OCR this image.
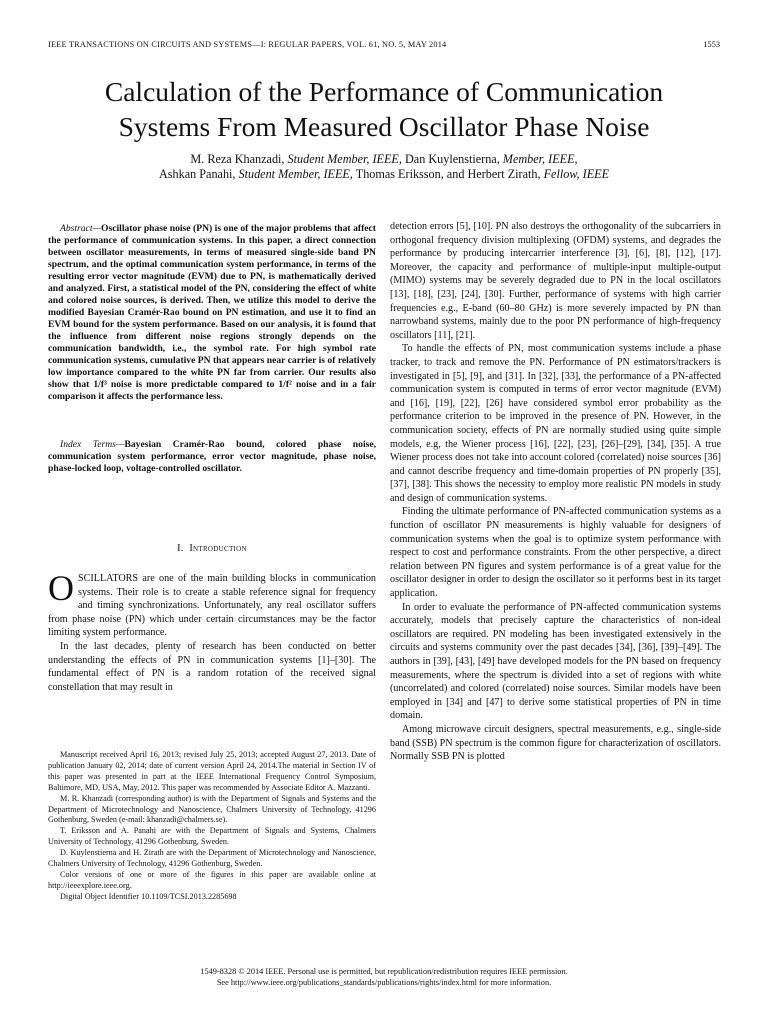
IEEE TRANSACTIONS ON CIRCUITS AND SYSTEMS—I: REGULAR PAPERS, VOL. 61, NO. 5, MAY 2014	1553
Calculation of the Performance of Communication
Systems From Measured Oscillator Phase Noise
M. Reza Khanzadi, Student Member, IEEE, Dan Kuylenstierna, Member, IEEE,
Ashkan Panahi, Student Member, IEEE, Thomas Eriksson, and Herbert Zirath, Fellow, IEEE

Abstract—Oscillator phase noise (PN) is one of the major problems that affect the performance of communication systems. In this paper, a direct connection between oscillator measurements, in terms of measured single-side band PN spectrum, and the optimal communication system performance, in terms of the resulting error vector magnitude (EVM) due to PN, is mathematically derived and analyzed. First, a statistical model of the PN, considering the effect of white and colored noise sources, is derived. Then, we utilize this model to derive the modified Bayesian Cramér-Rao bound on PN estimation, and use it to find an EVM bound for the system performance. Based on our analysis, it is found that the influence from different noise regions strongly depends on the communication bandwidth, i.e., the symbol rate. For high symbol rate communication systems, cumulative PN that appears near carrier is of relatively low importance compared to the white PN far from carrier. Our results also show that 1/f³ noise is more predictable compared to 1/f² noise and in a fair comparison it affects the performance less.

Index Terms—Bayesian Cramér-Rao bound, colored phase noise, communication system performance, error vector magnitude, phase noise, phase-locked loop, voltage-controlled oscillator.

I. Introduction

OSCILLATORS are one of the main building blocks in communication systems. Their role is to create a stable reference signal for frequency and timing synchronizations. Unfortunately, any real oscillator suffers from phase noise (PN) which under certain circumstances may be the factor limiting system performance.

In the last decades, plenty of research has been conducted on better understanding the effects of PN in communication systems [1]–[30]. The fundamental effect of PN is a random rotation of the received signal constellation that may result in

Manuscript received April 16, 2013; revised July 25, 2013; accepted August 27, 2013. Date of publication January 02, 2014; date of current version April 24, 2014.The material in Section IV of this paper was presented in part at the IEEE International Frequency Control Symposium, Baltimore, MD, USA, May, 2012. This paper was recommended by Associate Editor A. Mazzanti.

M. R. Khanzadi (corresponding author) is with the Department of Signals and Systems and the Department of Microtechnology and Nanoscience, Chalmers University of Technology, 41296 Gothenburg, Sweden (e-mail: khanzadi@chalmers.se).

T. Eriksson and A. Panahi are with the Department of Signals and Systems, Chalmers University of Technology, 41296 Gothenburg, Sweden.

D. Kuylenstierna and H. Zirath are with the Department of Microtechnology and Nanoscience, Chalmers University of Technology, 41296 Gothenburg, Sweden.

Color versions of one or more of the figures in this paper are available online at http://ieeexplore.ieee.org.

Digital Object Identifier 10.1109/TCSI.2013.2285698

detection errors [5], [10]. PN also destroys the orthogonality of the subcarriers in orthogonal frequency division multiplexing (OFDM) systems, and degrades the performance by producing intercarrier interference [3], [6], [8], [12], [17]. Moreover, the capacity and performance of multiple-input multiple-output (MIMO) systems may be severely degraded due to PN in the local oscillators [13], [18], [23], [24], [30]. Further, performance of systems with high carrier frequencies e.g., E-band (60–80 GHz) is more severely impacted by PN than narrowband systems, mainly due to the poor PN performance of high-frequency oscillators [11], [21].

To handle the effects of PN, most communication systems include a phase tracker, to track and remove the PN. Performance of PN estimators/trackers is investigated in [5], [9], and [31]. In [32], [33], the performance of a PN-affected communication system is computed in terms of error vector magnitude (EVM) and [16], [19], [22], [26] have considered symbol error probability as the performance criterion to be improved in the presence of PN. However, in the communication society, effects of PN are normally studied using quite simple models, e.g, the Wiener process [16], [22], [23], [26]–[29], [34], [35]. A true Wiener process does not take into account colored (correlated) noise sources [36] and cannot describe frequency and time-domain properties of PN properly [35], [37], [38]. This shows the necessity to employ more realistic PN models in study and design of communication systems.

Finding the ultimate performance of PN-affected communication systems as a function of oscillator PN measurements is highly valuable for designers of communication systems when the goal is to optimize system performance with respect to cost and performance constraints. From the other perspective, a direct relation between PN figures and system performance is of a great value for the oscillator designer in order to design the oscillator so it performs best in its target application.

In order to evaluate the performance of PN-affected communication systems accurately, models that precisely capture the characteristics of non-ideal oscillators are required. PN modeling has been investigated extensively in the circuits and systems community over the past decades [34], [36], [39]–[49]. The authors in [39], [43], [49] have developed models for the PN based on frequency measurements, where the spectrum is divided into a set of regions with white (uncorrelated) and colored (correlated) noise sources. Similar models have been employed in [34] and [47] to derive some statistical properties of PN in time domain.

Among microwave circuit designers, spectral measurements, e.g., single-side band (SSB) PN spectrum is the common figure for characterization of oscillators. Normally SSB PN is plotted

1549-8328 © 2014 IEEE. Personal use is permitted, but republication/redistribution requires IEEE permission.
See http://www.ieee.org/publications_standards/publications/rights/index.html for more information.
